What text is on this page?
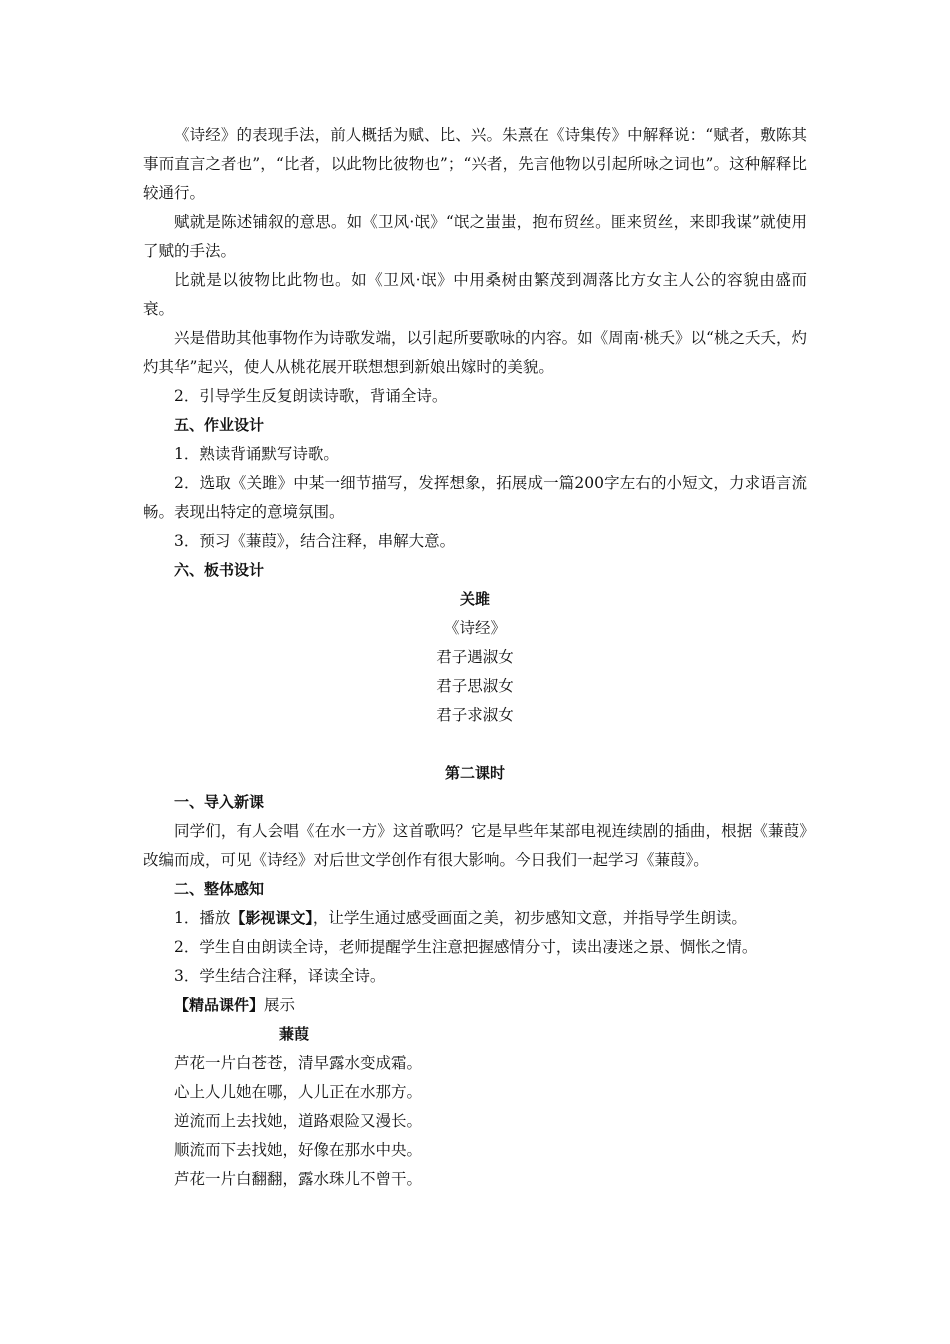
《诗经》的表现手法，前人概括为赋、比、兴。朱熹在《诗集传》中解释说：“赋者，敷陈其事而直言之者也”，“比者，以此物比彼物也”；“兴者，先言他物以引起所咏之词也”。这种解释比较通行。

赋就是陈述铺叙的意思。如《卫风·氓》“氓之蚩蚩，抱布贸丝。匪来贸丝，来即我谋”就使用了赋的手法。

比就是以彼物比此物也。如《卫风·氓》中用桑树由繁茂到凋落比方女主人公的容貌由盛而衰。

兴是借助其他事物作为诗歌发端，以引起所要歌咏的内容。如《周南·桃夭》以“桃之夭夭，灼灼其华”起兴，使人从桃花展开联想想到新娘出嫁时的美貌。

2．引导学生反复朗读诗歌，背诵全诗。

五、作业设计

1．熟读背诵默写诗歌。

2．选取《关雎》中某一细节描写，发挥想象，拓展成一篇200字左右的小短文，力求语言流畅。表现出特定的意境氛围。

3．预习《蒹葭》，结合注释，串解大意。

六、板书设计

关雎

《诗经》

君子遇淑女

君子思淑女

君子求淑女

第二课时

一、导入新课

同学们，有人会唱《在水一方》这首歌吗？它是早些年某部电视连续剧的插曲，根据《蒹葭》改编而成，可见《诗经》对后世文学创作有很大影响。今日我们一起学习《蒹葭》。

二、整体感知

1．播放【影视课文】，让学生通过感受画面之美，初步感知文意，并指导学生朗读。

2．学生自由朗读全诗，老师提醒学生注意把握感情分寸，读出凄迷之景、惆怅之情。

3．学生结合注释，译读全诗。

【精品课件】展示

蒹葭

芦花一片白苍苍，清早露水变成霜。

心上人儿她在哪，人儿正在水那方。

逆流而上去找她，道路艰险又漫长。

顺流而下去找她，好像在那水中央。

芦花一片白翻翻，露水珠儿不曾干。
